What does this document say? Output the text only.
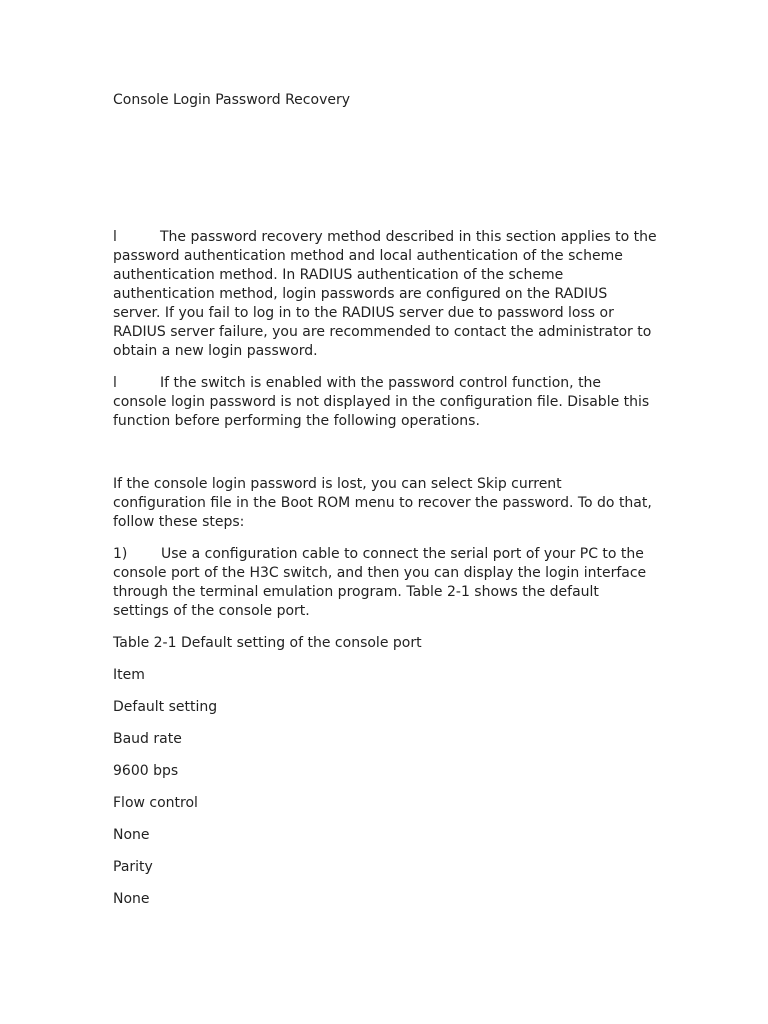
Console Login Password Recovery

l	The password recovery method described in this section applies to the password authentication method and local authentication of the scheme authentication method. In RADIUS authentication of the scheme authentication method, login passwords are configured on the RADIUS server. If you fail to log in to the RADIUS server due to password loss or RADIUS server failure, you are recommended to contact the administrator to obtain a new login password.

l	If the switch is enabled with the password control function, the console login password is not displayed in the configuration file. Disable this function before performing the following operations.

If the console login password is lost, you can select Skip current configuration file in the Boot ROM menu to recover the password. To do that, follow these steps:

1) Use a configuration cable to connect the serial port of your PC to the console port of the H3C switch, and then you can display the login interface through the terminal emulation program. Table 2-1 shows the default settings of the console port.

Table 2-1 Default setting of the console port

Item

Default setting

Baud rate

9600 bps

Flow control

None

Parity

None
